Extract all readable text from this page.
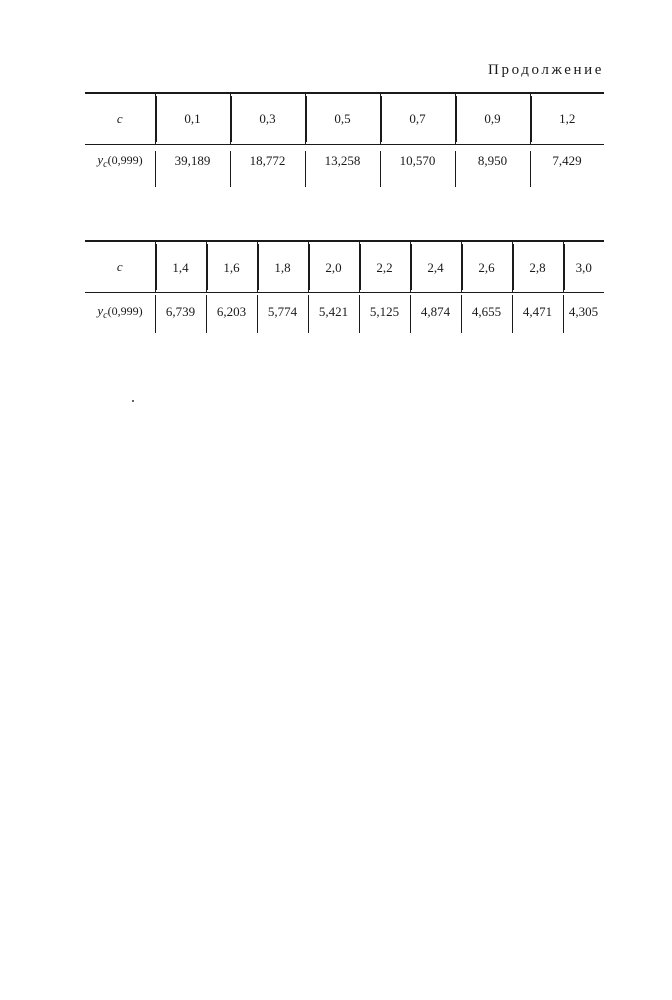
Продолжение
c	0,1	0,3	0,5	0,7	0,9	1,2
$y_c(0,999)$	39,189	18,772	13,258	10,570	8,950	7,429
c	1,4	1,6	1,8	2,0	2,2	2,4	2,6	2,8	3,0
$y_c(0,999)$	6,739	6,203	5,774	5,421	5,125	4,874	4,655	4,471	4,305
